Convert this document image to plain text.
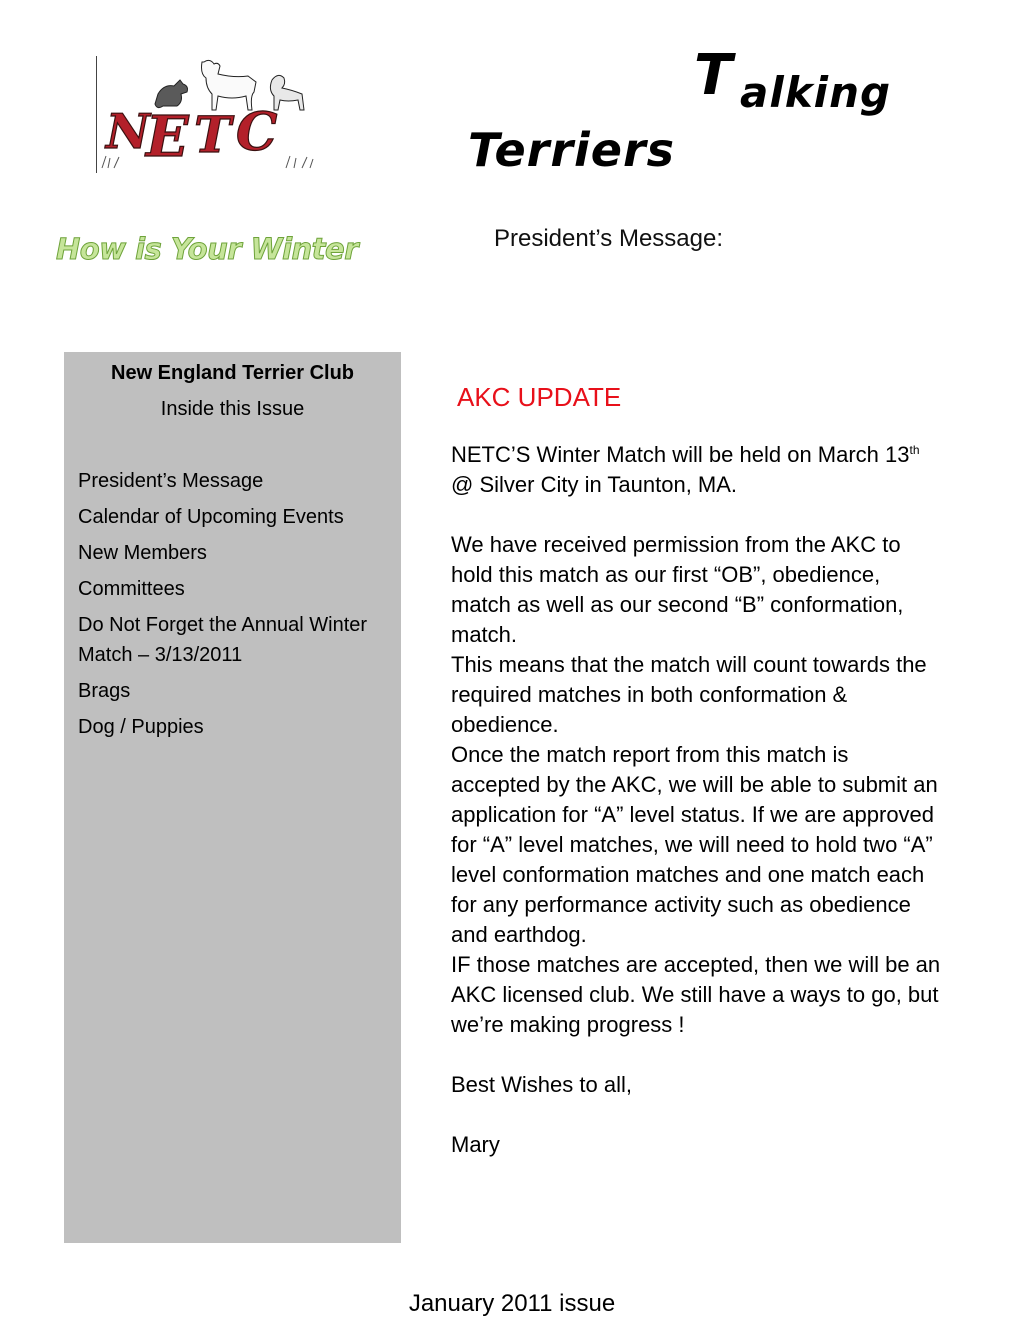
N
E T C
T alking
Terriers
How is Your Winter	President’s Message:
New England Terrier Club
Inside this Issue
President’s Message
Calendar of Upcoming Events
New Members
Committees
Do Not Forget the Annual Winter Match – 3/13/2011
Brags
Dog / Puppies
AKC UPDATE

NETC’S Winter Match will be held on March 13th @ Silver City in Taunton, MA.

We have received permission from the AKC to hold this match as our first “OB”, obedience, match as well as our second “B” conformation, match.

This means that the match will count towards the required matches in both conformation & obedience.

Once the match report from this match is accepted by the AKC, we will be able to submit an application for “A” level status. If we are approved for “A” level matches, we will need to hold two “A” level conformation matches and one match each for any performance activity such as obedience and earthdog.

IF those matches are accepted, then we will be an AKC licensed club. We still have a ways to go, but we’re making progress !

Best Wishes to all,

Mary

January 2011 issue
